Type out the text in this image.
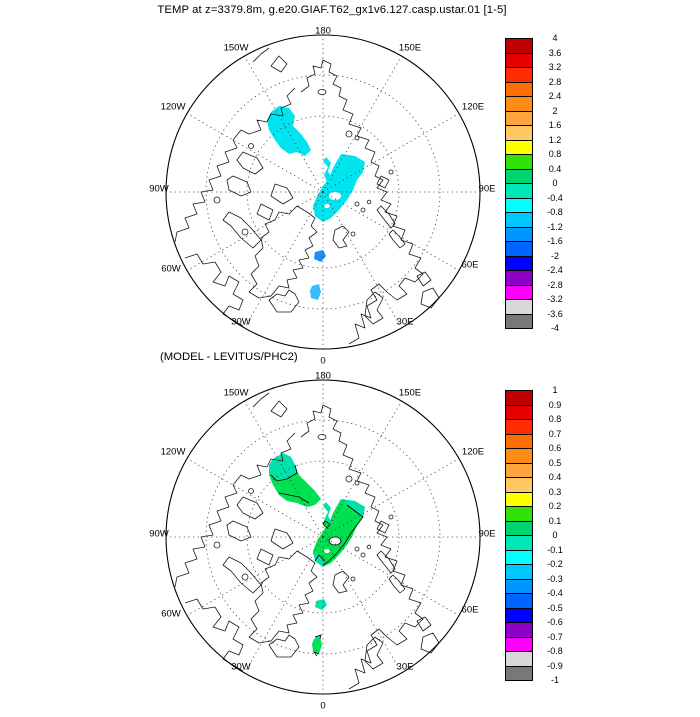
TEMP at z=3379.8m, g.e20.GIAF.T62_gx1v6.127.casp.ustar.01 [1-5]
180
150W
120W
90W
60W
30W
0
30E
60E
90E
120E
150E
180
150W
120W
90W
60W
30W
0
30E
60E
90E
120E
150E
(MODEL - LEVITUS/PHC2)
4
3.6
3.2
2.8
2.4
2
1.6
1.2
0.8
0.4
0
-0.4
-0.8
-1.2
-1.6
-2
-2.4
-2.8
-3.2
-3.6
-4
1
0.9
0.8
0.7
0.6
0.5
0.4
0.3
0.2
0.1
0
-0.1
-0.2
-0.3
-0.4
-0.5
-0.6
-0.7
-0.8
-0.9
-1
